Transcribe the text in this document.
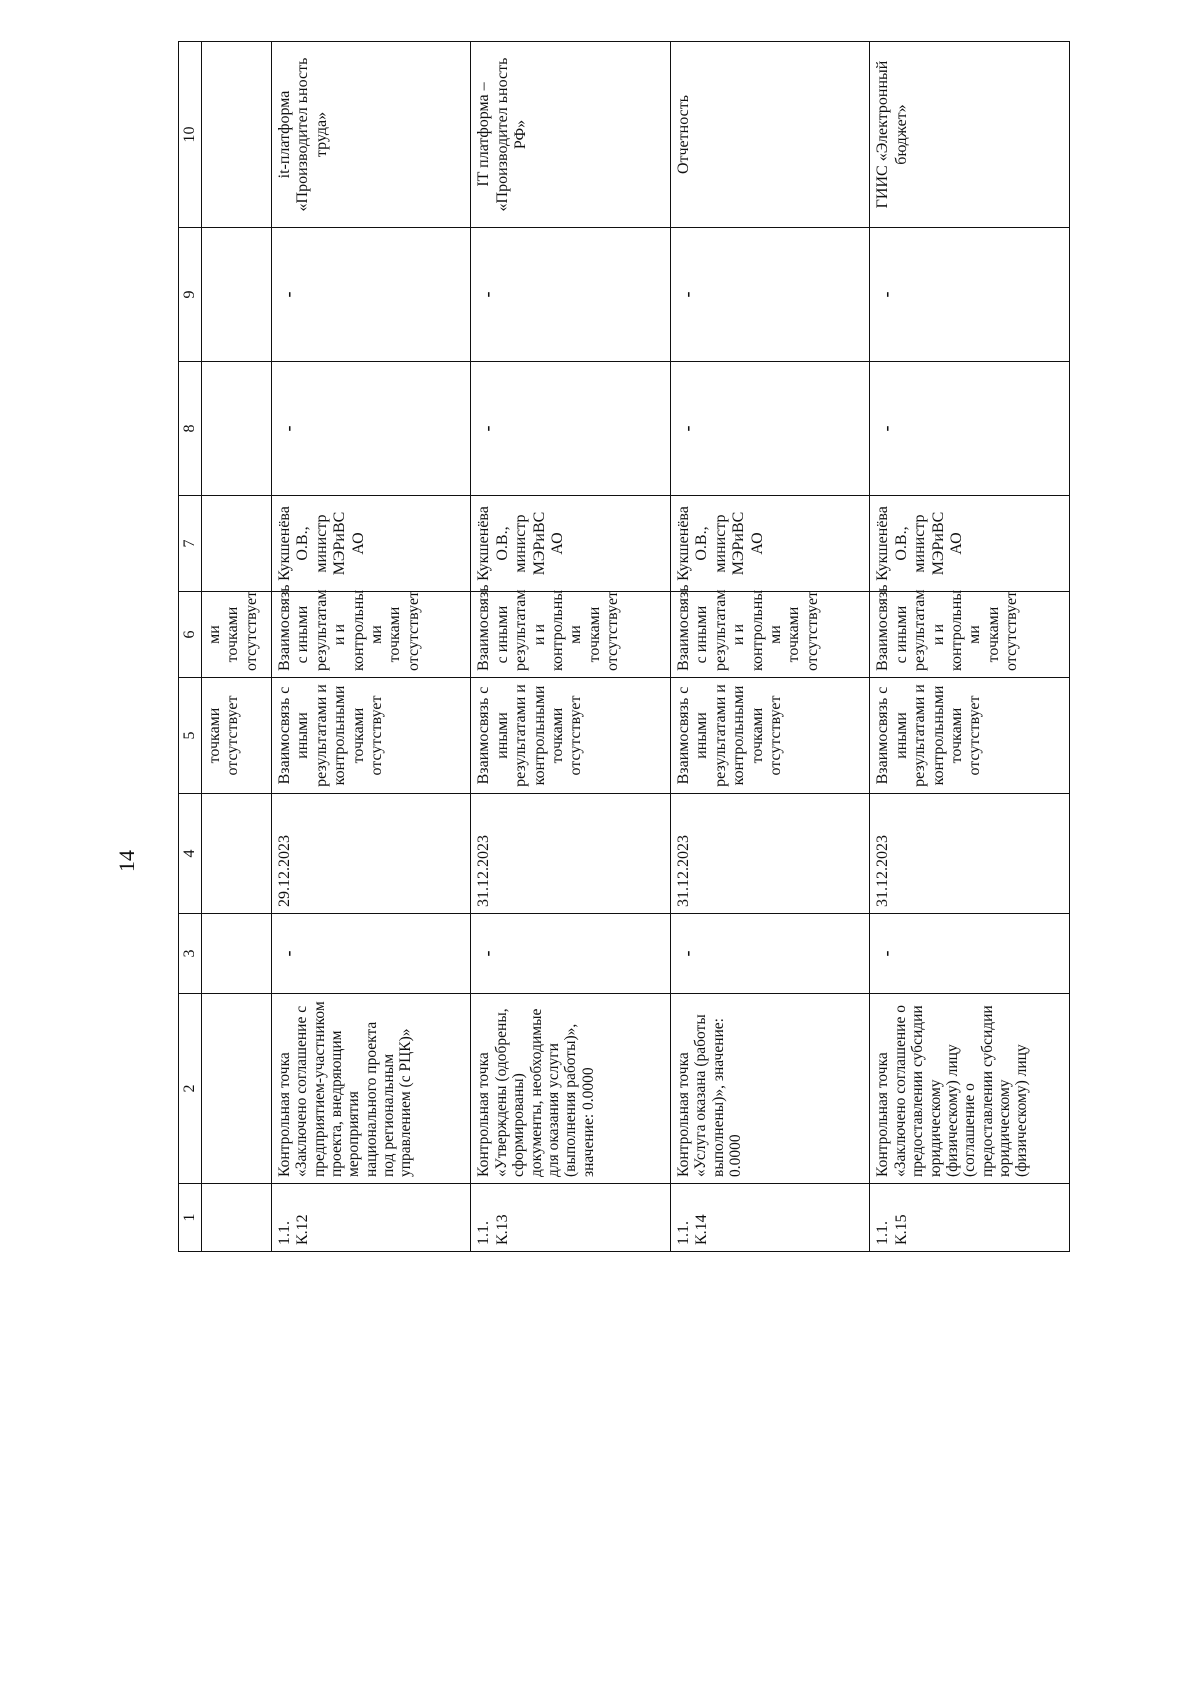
14
1	2	3	4	5	6	7	8	9	10
				точками отсутствует	ми точками отсутствует				
1.1. К.12	Контрольная точка «Заключено соглашение с предприятием-участником проекта, внедряющим мероприятия национального проекта под региональным управлением (с РЦК)»	-	29.12.2023	Взаимосвязь с иными результатами и контрольными точками отсутствует	Взаимосвязь с иными результатам и и контрольны ми точками отсутствует	Кукшенёва О.В., министр МЭРиВС АО	-	-	it-платформа «Производител ьность труда»
1.1. К.13	Контрольная точка «Утверждены (одобрены, сформированы) документы, необходимые для оказания услуги (выполнения работы)», значение: 0.0000	-	31.12.2023	Взаимосвязь с иными результатами и контрольными точками отсутствует	Взаимосвязь с иными результатам и и контрольны ми точками отсутствует	Кукшенёва О.В., министр МЭРиВС АО	-	-	IT платформа – «Производител ьность РФ»
1.1. К.14	Контрольная точка «Услуга оказана (работы выполнены)», значение: 0.0000	-	31.12.2023	Взаимосвязь с иными результатами и контрольными точками отсутствует	Взаимосвязь с иными результатам и и контрольны ми точками отсутствует	Кукшенёва О.В., министр МЭРиВС АО	-	-	Отчетность
1.1. К.15	Контрольная точка «Заключено соглашение о предоставлении субсидии юридическому (физическому) лицу (соглашение о предоставлении субсидии юридическому (физическому) лицу	-	31.12.2023	Взаимосвязь с иными результатами и контрольными точками отсутствует	Взаимосвязь с иными результатам и и контрольны ми точками отсутствует	Кукшенёва О.В., министр МЭРиВС АО	-	-	ГИИС «Электронный бюджет»
